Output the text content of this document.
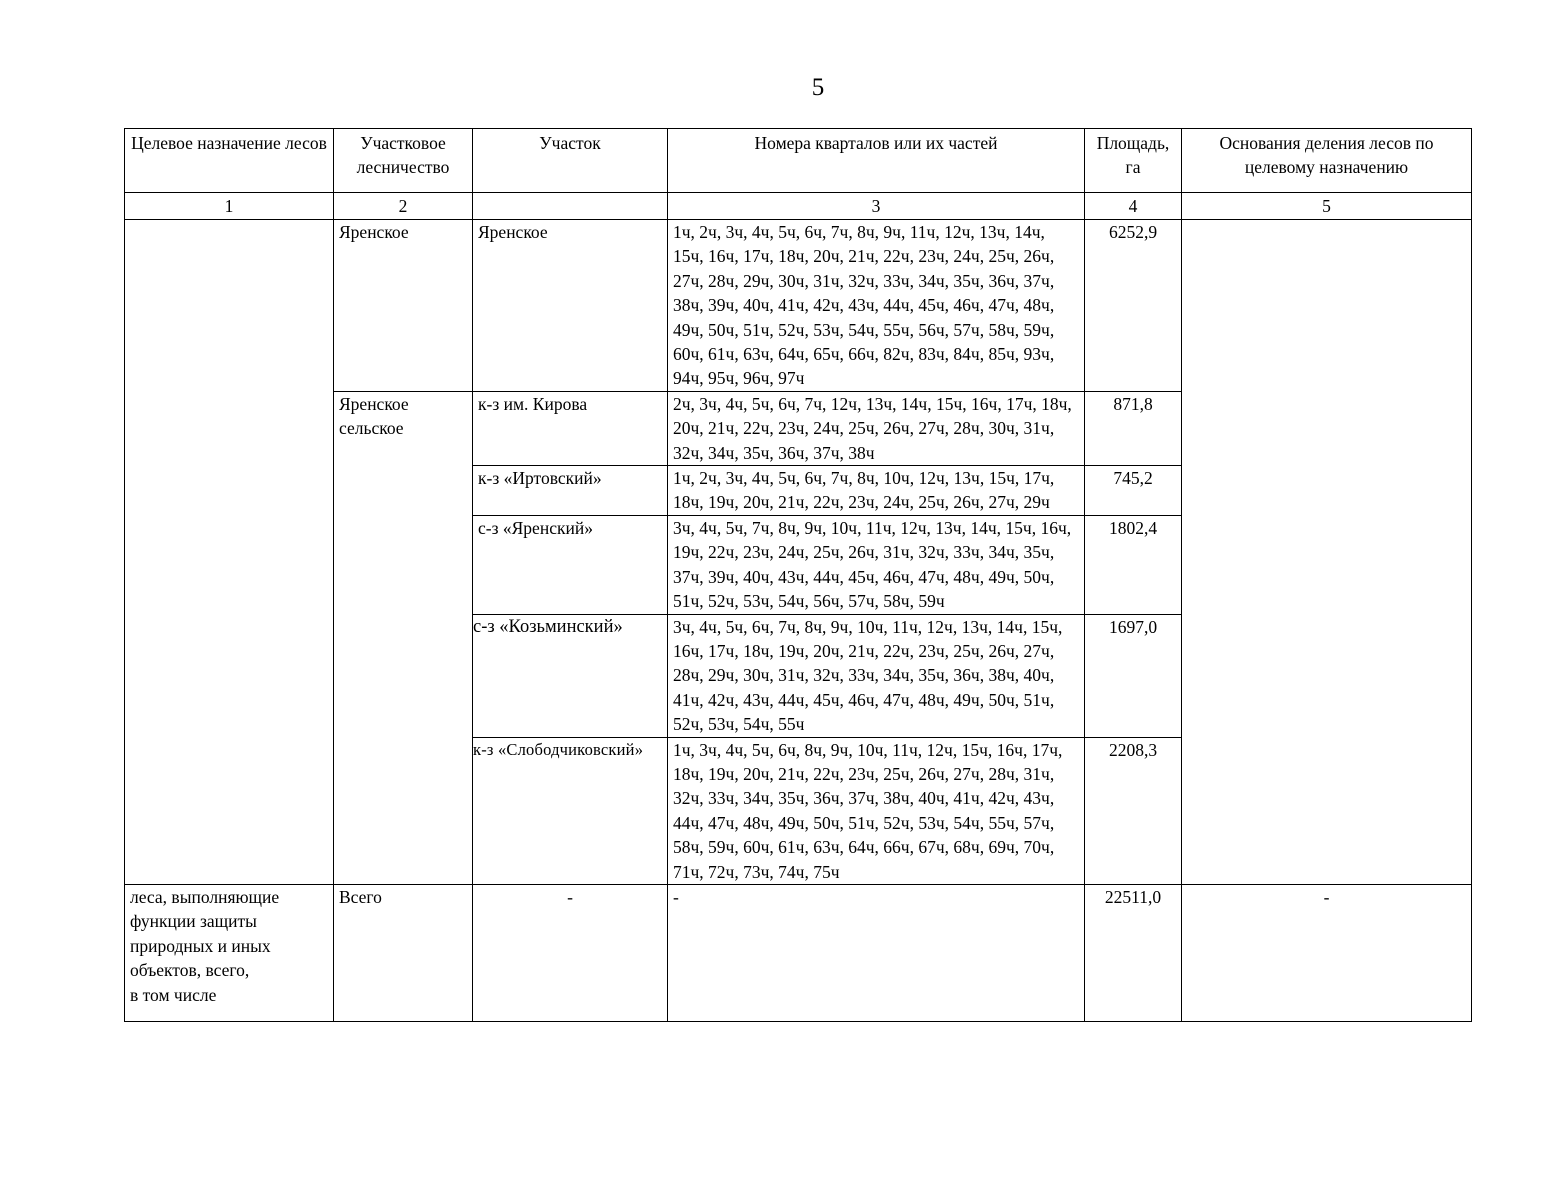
5
Целевое назначение лесов	Участковое лесничество	Участок	Номера кварталов или их частей	Площадь, га	Основания деления лесов по целевому назначению
1	2		3	4	5
	Яренское	Яренское	1ч, 2ч, 3ч, 4ч, 5ч, 6ч, 7ч, 8ч, 9ч, 11ч, 12ч, 13ч, 14ч, 15ч, 16ч, 17ч, 18ч, 20ч, 21ч, 22ч, 23ч, 24ч, 25ч, 26ч, 27ч, 28ч, 29ч, 30ч, 31ч, 32ч, 33ч, 34ч, 35ч, 36ч, 37ч, 38ч, 39ч, 40ч, 41ч, 42ч, 43ч, 44ч, 45ч, 46ч, 47ч, 48ч, 49ч, 50ч, 51ч, 52ч, 53ч, 54ч, 55ч, 56ч, 57ч, 58ч, 59ч, 60ч, 61ч, 63ч, 64ч, 65ч, 66ч, 82ч, 83ч, 84ч, 85ч, 93ч, 94ч, 95ч, 96ч, 97ч	6252,9	
	Яренское сельское	к-з им. Кирова	2ч, 3ч, 4ч, 5ч, 6ч, 7ч, 12ч, 13ч, 14ч, 15ч, 16ч, 17ч, 18ч, 20ч, 21ч, 22ч, 23ч, 24ч, 25ч, 26ч, 27ч, 28ч, 30ч, 31ч, 32ч, 34ч, 35ч, 36ч, 37ч, 38ч	871,8	
		к-з «Иртовский»	1ч, 2ч, 3ч, 4ч, 5ч, 6ч, 7ч, 8ч, 10ч, 12ч, 13ч, 15ч, 17ч, 18ч, 19ч, 20ч, 21ч, 22ч, 23ч, 24ч, 25ч, 26ч, 27ч, 29ч	745,2	
		с-з «Яренский»	3ч, 4ч, 5ч, 7ч, 8ч, 9ч, 10ч, 11ч, 12ч, 13ч, 14ч, 15ч, 16ч, 19ч, 22ч, 23ч, 24ч, 25ч, 26ч, 31ч, 32ч, 33ч, 34ч, 35ч, 37ч, 39ч, 40ч, 43ч, 44ч, 45ч, 46ч, 47ч, 48ч, 49ч, 50ч, 51ч, 52ч, 53ч, 54ч, 56ч, 57ч, 58ч, 59ч	1802,4	
		с-з «Козьминский»	3ч, 4ч, 5ч, 6ч, 7ч, 8ч, 9ч, 10ч, 11ч, 12ч, 13ч, 14ч, 15ч, 16ч, 17ч, 18ч, 19ч, 20ч, 21ч, 22ч, 23ч, 25ч, 26ч, 27ч, 28ч, 29ч, 30ч, 31ч, 32ч, 33ч, 34ч, 35ч, 36ч, 38ч, 40ч, 41ч, 42ч, 43ч, 44ч, 45ч, 46ч, 47ч, 48ч, 49ч, 50ч, 51ч, 52ч, 53ч, 54ч, 55ч	1697,0	
		к-з «Слободчиковский»	1ч, 3ч, 4ч, 5ч, 6ч, 8ч, 9ч, 10ч, 11ч, 12ч, 15ч, 16ч, 17ч, 18ч, 19ч, 20ч, 21ч, 22ч, 23ч, 25ч, 26ч, 27ч, 28ч, 31ч, 32ч, 33ч, 34ч, 35ч, 36ч, 37ч, 38ч, 40ч, 41ч, 42ч, 43ч, 44ч, 47ч, 48ч, 49ч, 50ч, 51ч, 52ч, 53ч, 54ч, 55ч, 57ч, 58ч, 59ч, 60ч, 61ч, 63ч, 64ч, 66ч, 67ч, 68ч, 69ч, 70ч, 71ч, 72ч, 73ч, 74ч, 75ч	2208,3	

леса, выполняющие
функции защиты
природных и иных
объектов, всего,
в том числе	Всего	-	-	22511,0	-
